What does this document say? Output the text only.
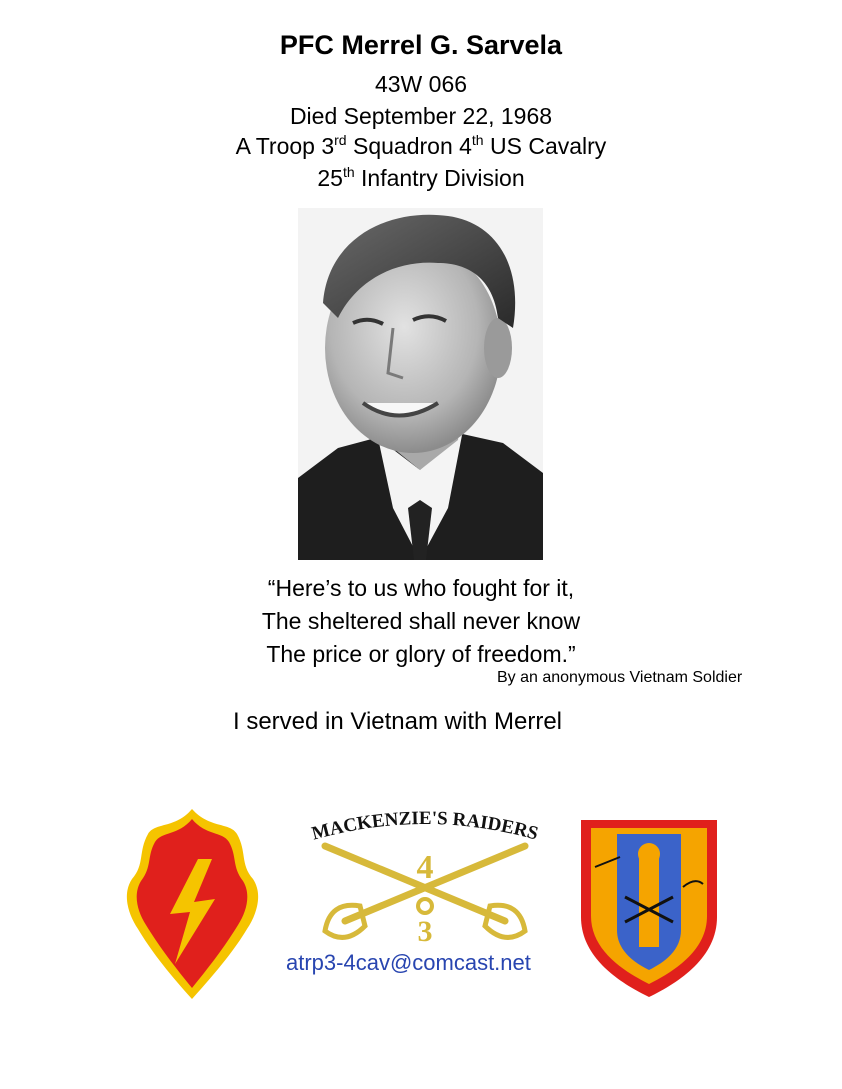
PFC Merrel G. Sarvela
43W 066
Died September 22, 1968
A Troop 3rd Squadron 4th US Cavalry
25th Infantry Division
“Here’s to us who fought for it,
The sheltered shall never know
The price or glory of freedom.”
By an anonymous Vietnam Soldier
I served in Vietnam with Merrel
MACKENZIE'S RAIDERS
4
3
atrp3-4cav@comcast.net
